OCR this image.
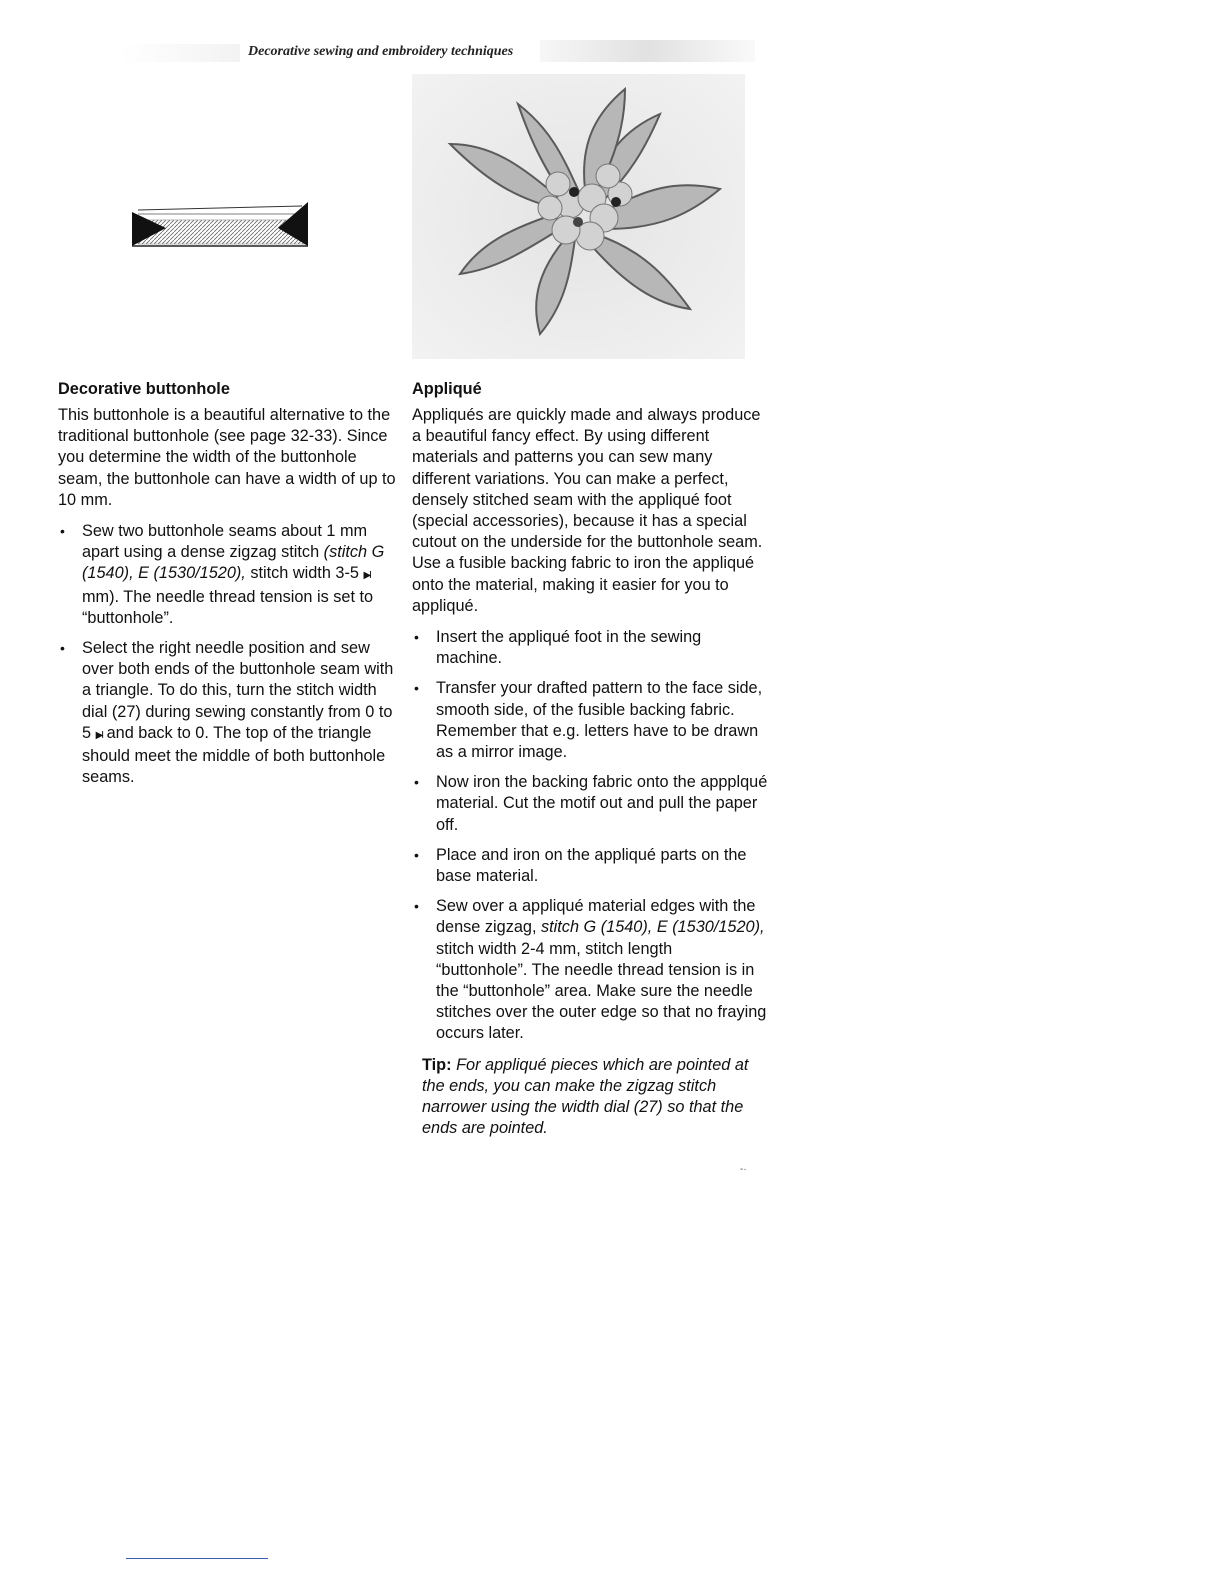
Decorative sewing and embroidery techniques
Decorative buttonhole

This buttonhole is a beautiful alternative to the traditional buttonhole (see page 32-33). Since you determine the width of the buttonhole seam, the buttonhole can have a width of up to 10 mm.

• Sew two buttonhole seams about 1 mm apart using a dense zigzag stitch (stitch G (1540), E (1530/1520), stitch width 3-5 ▶I mm). The needle thread tension is set to “buttonhole”.
• Select the right needle position and sew over both ends of the buttonhole seam with a triangle. To do this, turn the stitch width dial (27) during sewing constantly from 0 to 5 ▶I and back to 0. The top of the triangle should meet the middle of both buttonhole seams.
Appliqué

Appliqués are quickly made and always produce a beautiful fancy effect. By using different materials and patterns you can sew many different variations. You can make a perfect, densely stitched seam with the appliqué foot (special accessories), because it has a special cutout on the underside for the buttonhole seam. Use a fusible backing fabric to iron the appliqué onto the material, making it easier for you to appliqué.

• Insert the appliqué foot in the sewing machine.
• Transfer your drafted pattern to the face side, smooth side, of the fusible backing fabric. Remember that e.g. letters have to be drawn as a mirror image.
• Now iron the backing fabric onto the appplqué material. Cut the motif out and pull the paper off.
• Place and iron on the appliqué parts on the base material.
• Sew over a appliqué material edges with the dense zigzag, stitch G (1540), E (1530/1520), stitch width 2-4 mm, stitch length “buttonhole”. The needle thread tension is in the “buttonhole” area. Make sure the needle stitches over the outer edge so that no fraying occurs later.

Tip: For appliqué pieces which are pointed at the ends, you can make the zigzag stitch narrower using the width dial (27) so that the ends are pointed.

-·
